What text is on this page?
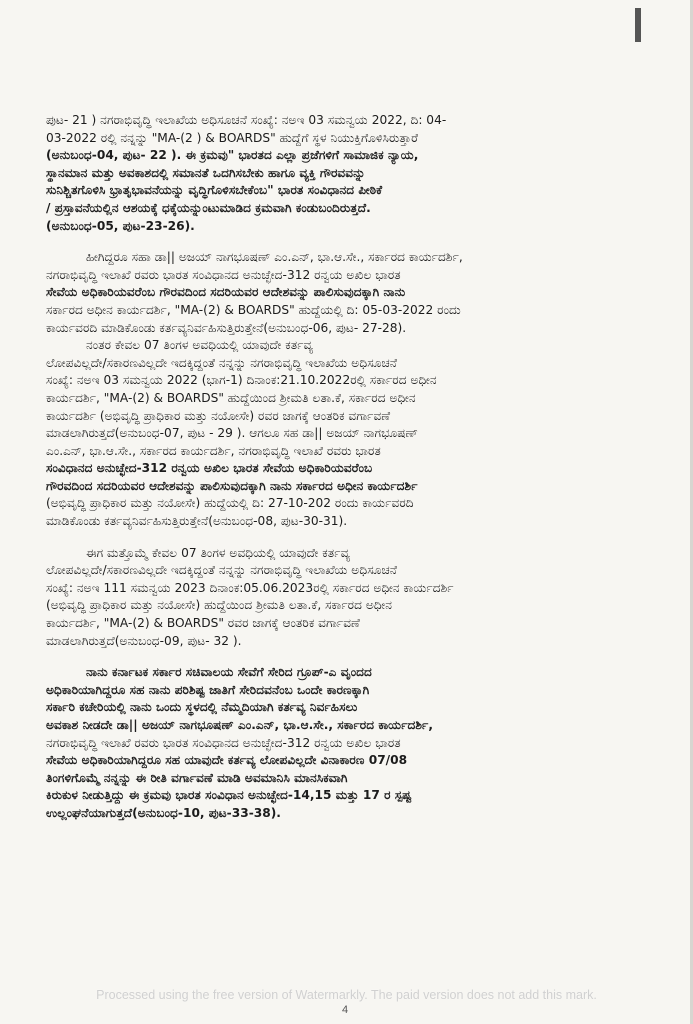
ಪುಟ- 21 ) ನಗರಾಭಿವೃದ್ಧಿ ಇಲಾಖೆಯ ಅಧಿಸೂಚನೆ ಸಂಖ್ಯೆ: ನಅಇ 03 ಸಮನ್ವಯ 2022, ದಿ: 04-
03-2022 ರಲ್ಲಿ ನನ್ನನ್ನು "MA-(2 ) & BOARDS" ಹುದ್ದೆಗೆ ಸ್ಥಳ ನಿಯುಕ್ತಿಗೊಳಿಸಿರುತ್ತಾರೆ
(ಅನುಬಂಧ-04, ಪುಟ- 22 ). ಈ ಕ್ರಮವು" ಭಾರತದ ಎಲ್ಲಾ ಪ್ರಜೆಗಳಿಗೆ ಸಾಮಾಜಿಕ ನ್ಯಾಯ,
ಸ್ಥಾನಮಾನ ಮತ್ತು ಅವಕಾಶದಲ್ಲಿ ಸಮಾನತೆ ಒದಗಿಸಬೇಕು ಹಾಗೂ ವ್ಯಕ್ತಿ ಗೌರವವನ್ನು
ಸುನಿಶ್ಚಿತಗೊಳಿಸಿ ಭ್ರಾತೃಭಾವನೆಯನ್ನು ವೃದ್ಧಿಗೊಳಿಸಬೇಕೆಂಬ" ಭಾರತ ಸಂವಿಧಾನದ ಪೀಠಿಕೆ
/ ಪ್ರಸ್ತಾವನೆಯಲ್ಲಿನ ಆಶಯಕ್ಕೆ ಧಕ್ಕೆಯನ್ನುಂಟುಮಾಡಿದ ಕ್ರಮವಾಗಿ ಕಂಡುಬಂದಿರುತ್ತದೆ.
(ಅನುಬಂಧ-05, ಪುಟ-23-26).

ಹೀಗಿದ್ದರೂ ಸಹಾ ಡಾ|| ಅಜಯ್ ನಾಗಭೂಷಣ್ ಎಂ.ಎನ್, ಭಾ.ಆ.ಸೇ., ಸರ್ಕಾರದ ಕಾರ್ಯದರ್ಶಿ,
ನಗರಾಭಿವೃದ್ಧಿ ಇಲಾಖೆ ರವರು ಭಾರತ ಸಂವಿಧಾನದ ಅನುಚ್ಛೇದ-312 ರನ್ವಯ ಅಖಿಲ ಭಾರತ
ಸೇವೆಯ ಅಧಿಕಾರಿಯವರೆಂಬ ಗೌರವದಿಂದ ಸದರಿಯವರ ಆದೇಶವನ್ನು ಪಾಲಿಸುವುದಕ್ಕಾಗಿ ನಾನು
ಸರ್ಕಾರದ ಅಧೀನ ಕಾರ್ಯದರ್ಶಿ, "MA-(2) & BOARDS" ಹುದ್ದೆಯಲ್ಲಿ ದಿ: 05-03-2022 ರಂದು
ಕಾರ್ಯವರದಿ ಮಾಡಿಕೊಂಡು ಕರ್ತವ್ಯನಿರ್ವಹಿಸುತ್ತಿರುತ್ತೇನೆ(ಅನುಬಂಧ-06, ಪುಟ- 27-28).
ನಂತರ ಕೇವಲ 07 ತಿಂಗಳ ಅವಧಿಯಲ್ಲಿ ಯಾವುದೇ ಕರ್ತವ್ಯ
ಲೋಪವಿಲ್ಲದೇ/ಸಕಾರಣವಿಲ್ಲದೇ ಇದಕ್ಕಿದ್ದಂತೆ ನನ್ನನ್ನು ನಗರಾಭಿವೃದ್ಧಿ ಇಲಾಖೆಯ ಅಧಿಸೂಚನೆ
ಸಂಖ್ಯೆ: ನಅಇ 03 ಸಮನ್ವಯ 2022 (ಭಾಗ-1) ದಿನಾಂಕ:21.10.2022ರಲ್ಲಿ ಸರ್ಕಾರದ ಅಧೀನ
ಕಾರ್ಯದರ್ಶಿ, "MA-(2) & BOARDS" ಹುದ್ದೆಯಿಂದ ಶ್ರೀಮತಿ ಲತಾ.ಕೆ, ಸರ್ಕಾರದ ಅಧೀನ
ಕಾರ್ಯದರ್ಶಿ (ಅಭಿವೃದ್ಧಿ ಪ್ರಾಧಿಕಾರ ಮತ್ತು ನಯೋಸೇ) ರವರ ಜಾಗಕ್ಕೆ ಆಂತರಿಕ ವರ್ಗಾವಣೆ
ಮಾಡಲಾಗಿರುತ್ತದೆ(ಅನುಬಂಧ-07, ಪುಟ - 29 ). ಆಗಲೂ ಸಹ ಡಾ|| ಅಜಯ್ ನಾಗಭೂಷಣ್
ಎಂ.ಎನ್, ಭಾ.ಆ.ಸೇ., ಸರ್ಕಾರದ ಕಾರ್ಯದರ್ಶಿ, ನಗರಾಭಿವೃದ್ಧಿ ಇಲಾಖೆ ರವರು ಭಾರತ
ಸಂವಿಧಾನದ ಅನುಚ್ಛೇದ-312 ರನ್ವಯ ಅಖಿಲ ಭಾರತ ಸೇವೆಯ ಅಧಿಕಾರಿಯವರೆಂಬ
ಗೌರವದಿಂದ ಸದರಿಯವರ ಆದೇಶವನ್ನು ಪಾಲಿಸುವುದಕ್ಕಾಗಿ ನಾನು ಸರ್ಕಾರದ ಅಧೀನ ಕಾರ್ಯದರ್ಶಿ
(ಅಭಿವೃದ್ಧಿ ಪ್ರಾಧಿಕಾರ ಮತ್ತು ನಯೋಸೇ) ಹುದ್ದೆಯಲ್ಲಿ ದಿ: 27-10-202 ರಂದು ಕಾರ್ಯವರದಿ
ಮಾಡಿಕೊಂಡು ಕರ್ತವ್ಯನಿರ್ವಹಿಸುತ್ತಿರುತ್ತೇನೆ(ಅನುಬಂಧ-08, ಪುಟ-30-31).

ಈಗ ಮತ್ತೊಮ್ಮೆ ಕೇವಲ 07 ತಿಂಗಳ ಅವಧಿಯಲ್ಲಿ ಯಾವುದೇ ಕರ್ತವ್ಯ
ಲೋಪವಿಲ್ಲದೇ/ಸಕಾರಣವಿಲ್ಲದೇ ಇದಕ್ಕಿದ್ದಂತೆ ನನ್ನನ್ನು ನಗರಾಭಿವೃದ್ಧಿ ಇಲಾಖೆಯ ಅಧಿಸೂಚನೆ
ಸಂಖ್ಯೆ: ನಅಇ 111 ಸಮನ್ವಯ 2023 ದಿನಾಂಕ:05.06.2023ರಲ್ಲಿ ಸರ್ಕಾರದ ಅಧೀನ ಕಾರ್ಯದರ್ಶಿ
(ಅಭಿವೃದ್ಧಿ ಪ್ರಾಧಿಕಾರ ಮತ್ತು ನಯೋಸೇ) ಹುದ್ದೆಯಿಂದ ಶ್ರೀಮತಿ ಲತಾ.ಕೆ, ಸರ್ಕಾರದ ಅಧೀನ
ಕಾರ್ಯದರ್ಶಿ, "MA-(2) & BOARDS" ರವರ ಜಾಗಕ್ಕೆ ಆಂತರಿಕ ವರ್ಗಾವಣೆ
ಮಾಡಲಾಗಿರುತ್ತದೆ(ಅನುಬಂಧ-09, ಪುಟ- 32 ).

ನಾನು ಕರ್ನಾಟಕ ಸರ್ಕಾರ ಸಚಿವಾಲಯ ಸೇವೆಗೆ ಸೇರಿದ ಗ್ರೂಪ್-ಎ ವೃಂದದ
ಅಧಿಕಾರಿಯಾಗಿದ್ದರೂ ಸಹ ನಾನು ಪರಿಶಿಷ್ಟ ಜಾತಿಗೆ ಸೇರಿದವನೆಂಬ ಒಂದೇ ಕಾರಣಕ್ಕಾಗಿ
ಸರ್ಕಾರಿ ಕಚೇರಿಯಲ್ಲಿ ನಾನು ಒಂದು ಸ್ಥಳದಲ್ಲಿ ನೆಮ್ಮದಿಯಾಗಿ ಕರ್ತವ್ಯ ನಿರ್ವಹಿಸಲು
ಅವಕಾಶ ನೀಡದೇ ಡಾ|| ಅಜಯ್ ನಾಗಭೂಷಣ್ ಎಂ.ಎನ್, ಭಾ.ಆ.ಸೇ., ಸರ್ಕಾರದ ಕಾರ್ಯದರ್ಶಿ,
ನಗರಾಭಿವೃದ್ಧಿ ಇಲಾಖೆ ರವರು ಭಾರತ ಸಂವಿಧಾನದ ಅನುಚ್ಛೇದ-312 ರನ್ವಯ ಅಖಿಲ ಭಾರತ
ಸೇವೆಯ ಅಧಿಕಾರಿಯಾಗಿದ್ದರೂ ಸಹ ಯಾವುದೇ ಕರ್ತವ್ಯ ಲೋಪವಿಲ್ಲದೇ ವಿನಾಕಾರಣ 07/08
ತಿಂಗಳಿಗೊಮ್ಮೆ ನನ್ನನ್ನು ಈ ರೀತಿ ವರ್ಗಾವಣೆ ಮಾಡಿ ಅವಮಾನಿಸಿ ಮಾನಸಿಕವಾಗಿ
ಕಿರುಕುಳ ನೀಡುತ್ತಿದ್ದು ಈ ಕ್ರಮವು ಭಾರತ ಸಂವಿಧಾನ ಅನುಚ್ಛೇದ-14,15 ಮತ್ತು 17 ರ ಸ್ಪಷ್ಟ
ಉಲ್ಲಂಘನೆಯಾಗುತ್ತದೆ(ಅನುಬಂಧ-10, ಪುಟ-33-38).

Processed using the free version of Watermarkly. The paid version does not add this mark.
4
